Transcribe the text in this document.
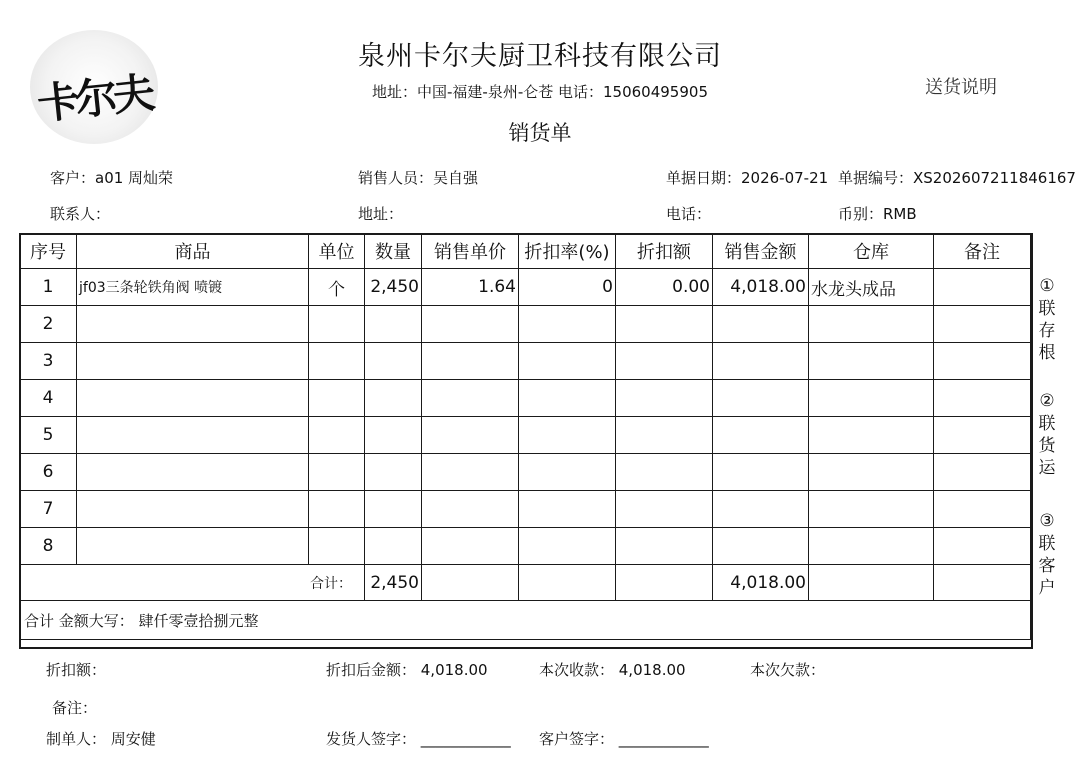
卡尔夫
泉州卡尔夫厨卫科技有限公司
地址：中国-福建-泉州-仑苍 电话：15060495905
销货单
送货说明
客户：a01 周灿荣	销售人员：吴自强	单据日期：2026-07-21 单据编号：XS202607211846167
联系人：	地址：	电话：	币别：RMB
序号	商品	单位	数量	销售单价	折扣率(%)	折扣额	销售金额	仓库	备注
1	jf03三条轮铁角阀 喷镀	个	2,450	1.64	0	0.00	4,018.00	水龙头成品	
2									
3									
4									
5									
6									
7									
8									
合计：			2,450				4,018.00		
合计 金额大写： 肆仟零壹拾捌元整									
①
联
存
根
②
联
货
运
③
联
客
户
折扣额：	折扣后金额： 4,018.00	本次收款： 4,018.00	本次欠款：
备注：
制单人： 周安健	发货人签字： ____________ 客户签字： ____________
